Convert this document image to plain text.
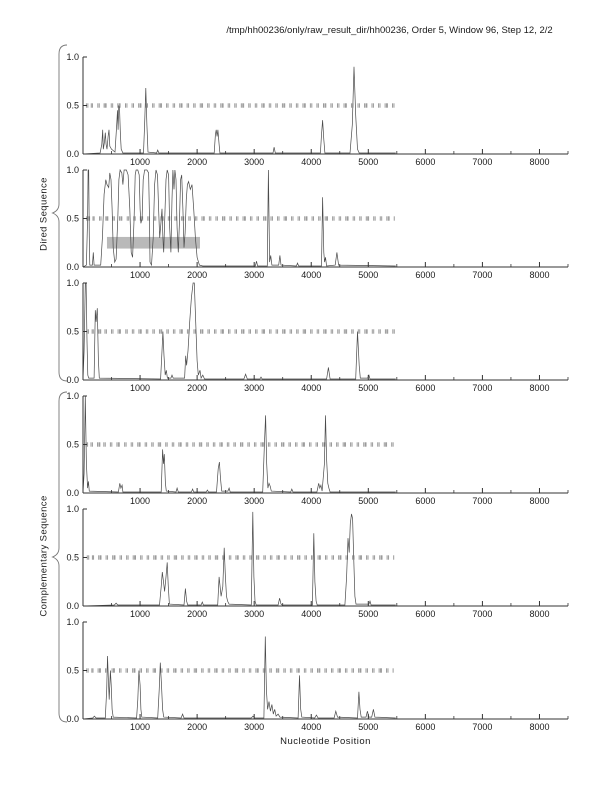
1000	2000	3000	4000	5000	6000	7000	8000
1.0
0.5
0.0
1000	2000	3000	4000	5000	6000	7000	8000
1.0
0.5
0.0
1000	2000	3000	4000	5000	6000	7000	8000
1.0
0.5
0.0
1000	2000	3000	4000	5000	6000	7000	8000
1.0
0.5
0.0
1000	2000	3000	4000	5000	6000	7000	8000
1.0
0.5
0.0
1000	2000	3000	4000	5000	6000	7000	8000
1.0
0.5
0.0
/tmp/hh00236/only/raw_result_dir/hh00236, Order 5, Window 96, Step 12, 2/2
Dired Sequence
Complementary Sequence
Nucleotide Position
